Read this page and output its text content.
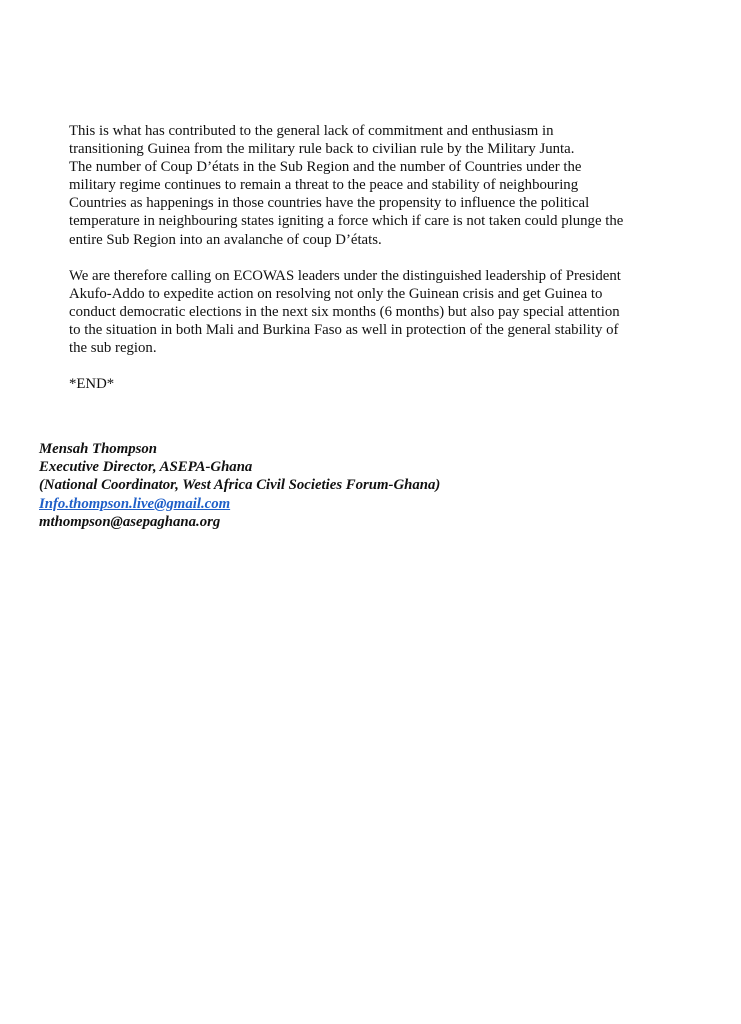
This is what has contributed to the general lack of commitment and enthusiasm in
transitioning Guinea from the military rule back to civilian rule by the Military Junta.
The number of Coup D’états in the Sub Region and the number of Countries under the
military regime continues to remain a threat to the peace and stability of neighbouring
Countries as happenings in those countries have the propensity to influence the political
temperature in neighbouring states igniting a force which if care is not taken could plunge the
entire Sub Region into an avalanche of coup D’états.
We are therefore calling on ECOWAS leaders under the distinguished leadership of President
Akufo-Addo to expedite action on resolving not only the Guinean crisis and get Guinea to
conduct democratic elections in the next six months (6 months) but also pay special attention
to the situation in both Mali and Burkina Faso as well in protection of the general stability of
the sub region.
*END*
Mensah Thompson
Executive Director, ASEPA-Ghana
(National Coordinator, West Africa Civil Societies Forum-Ghana)
Info.thompson.live@gmail.com
mthompson@asepaghana.org
